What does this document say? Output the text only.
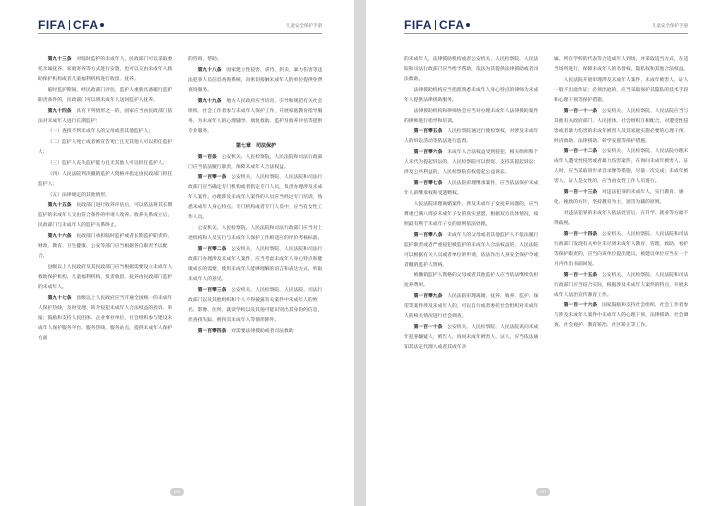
FIFA CFA	儿童安全保护手册

第九十三条　 对临时监护的未成年人，民政部门可以采取委托亲属抚养、家庭寄养等方式进行安置，也可以交由未成年人救助保护机构或者儿童福利机构进行收留、抚养。

临时监护期间，经民政部门评估，监护人重新具备履行监护职责条件的，民政部门可以将未成年人送回监护人抚养。

第九十四条　 具有下列情形之一的，国家应当由民政部门依法对未成年人进行长期监护：

（一）查找不到未成年人的父母或者其他监护人；

（二）监护人死亡或者被宣告死亡且无其他人可以担任监护人；

（三）监护人丧失监护能力且无其他人可以担任监护人；

（四）人民法院判决撤销监护人资格并指定由民政部门担任监护人；

（五）法律规定的其他情形。

第九十五条　 民政部门进行收养评估后，可以依法将其长期监护的未成年人交由符合条件的申请人收养。收养关系成立后，民政部门与未成年人的监护关系终止。

第九十六条　 民政部门承担临时监护或者长期监护职责的，财政、教育、卫生健康、公安等部门应当根据各自职责予以配合。

县级以上人民政府及其民政部门应当根据需要设立未成年人救助保护机构、儿童福利机构，负责收留、抚养由民政部门监护的未成年人。

第九十七条　 县级以上人民政府应当开通全国统一的未成年人保护热线，及时受理、转介侵犯未成年人合法权益的投诉、举报；鼓励和支持人民团体、企业事业单位、社会组织参与建设未成年人保护服务平台、服务热线、服务站点，提供未成年人保护方面

的咨询、帮助。

第九十八条　 国家建立性侵害、虐待、拐卖、暴力伤害等违法犯罪人员信息查询系统，向密切接触未成年人的单位提供免费查询服务。

第九十九条　 地方人民政府应当培育、引导和规范有关社会组织、社会工作者参与未成年人保护工作，开展家庭教育指导服务，为未成年人的心理辅导、康复救助、监护及收养评估等提供专业服务。

第七章　司法保护

第一百条　 公安机关、人民检察院、人民法院和司法行政部门应当依法履行职责，保障未成年人合法权益。

第一百零一条　 公安机关、人民检察院、人民法院和司法行政部门应当确定专门机构或者指定专门人员，负责办理涉及未成年人案件。办理涉及未成年人案件的人员应当经过专门培训，熟悉未成年人身心特点。专门机构或者专门人员中，应当有女性工作人员。

公安机关、人民检察院、人民法院和司法行政部门应当对上述机构和人员实行与未成年人保护工作相适应的评价考核标准。

第一百零二条　 公安机关、人民检察院、人民法院和司法行政部门办理涉及未成年人案件，应当考虑未成年人身心特点和健康成长的需要，使用未成年人能够理解的语言和表达方式，听取未成年人的意见。

第一百零三条　 公安机关、人民检察院、人民法院、司法行政部门以及其他组织和个人不得披露有关案件中未成年人的姓名、影像、住所、就读学校以及其他可能识别出其身份的信息，但查找失踪、被拐卖未成年人等情形除外。

第一百零四条　 对需要法律援助或者司法救助

046
FIFA CFA	儿童安全保护手册

的未成年人，法律援助机构或者公安机关、人民检察院、人民法院和司法行政部门应当给予帮助，依法为其提供法律援助或者司法救助。

法律援助机构应当指派熟悉未成年人身心特点的律师为未成年人提供法律援助服务。

法律援助机构和律师协会应当对办理未成年人法律援助案件的律师进行指导和培训。

第一百零五条　 人民检察院通过行使检察权，对涉及未成年人的诉讼活动等依法进行监督。

第一百零六条　 未成年人合法权益受到侵犯，相关组织和个人未代为提起诉讼的，人民检察院可以督促、支持其提起诉讼；涉及公共利益的，人民检察院有权提起公益诉讼。

第一百零七条　 人民法院审理继承案件，应当依法保护未成年人的继承权和受遗赠权。

人民法院审理离婚案件，涉及未成年子女抚养问题的，应当尊重已满八周岁未成年子女的真实意愿，根据双方具体情况，按照最有利于未成年子女的原则依法处理。

第一百零八条　 未成年人的父母或者其他监护人不依法履行监护职责或者严重侵犯被监护的未成年人合法权益的，人民法院可以根据有关人员或者单位的申请，依法作出人身安全保护令或者撤销监护人资格。

被撤销监护人资格的父母或者其他监护人应当依法继续负担抚养费用。

第一百零九条　 人民法院审理离婚、抚养、收养、监护、探望等案件涉及未成年人的，可以自行或者委托社会组织对未成年人的相关情况进行社会调查。

第一百一十条　 公安机关、人民检察院、人民法院讯问未成年犯罪嫌疑人、被告人，询问未成年被害人、证人，应当依法通知其法定代理人或者其成年亲

属、所在学校的代表等合适成年人到场，并采取适当方式，在适当场所进行，保障未成年人的名誉权、隐私权和其他合法权益。

人民法院开庭审理涉及未成年人案件，未成年被害人、证人一般不出庭作证；必须出庭的，应当采取保护其隐私的技术手段和心理干预等保护措施。

第一百一十一条　 公安机关、人民检察院、人民法院应当与其他有关政府部门、人民团体、社会组织互相配合，对遭受性侵害或者暴力伤害的未成年被害人及其家庭实施必要的心理干预、经济救助、法律援助、转学安置等保护措施。

第一百一十二条　 公安机关、人民检察院、人民法院办理未成年人遭受性侵害或者暴力伤害案件，在询问未成年被害人、证人时，应当采取同步录音录像等措施，尽量一次完成；未成年被害人、证人是女性的，应当由女性工作人员进行。

第一百一十三条　 对违法犯罪的未成年人，实行教育、感化、挽救的方针，坚持教育为主、惩罚为辅的原则。

对违法犯罪的未成年人依法处罚后，在升学、就业等方面不得歧视。

第一百一十四条　 公安机关、人民检察院、人民法院和司法行政部门发现有关单位未尽到未成年人教育、管理、救助、看护等保护职责的，应当向该单位提出建议。被建议单位应当在一个月内作出书面回复。

第一百一十五条　 公安机关、人民检察院、人民法院和司法行政部门应当结合实际，根据涉及未成年人案件的特点，开展未成年人法治宣传教育工作。

第一百一十六条　 国家鼓励和支持社会组织、社会工作者参与涉及未成年人案件中未成年人的心理干预、法律援助、社会调查、社会观护、教育矫治、社区矫正等工作。

047
